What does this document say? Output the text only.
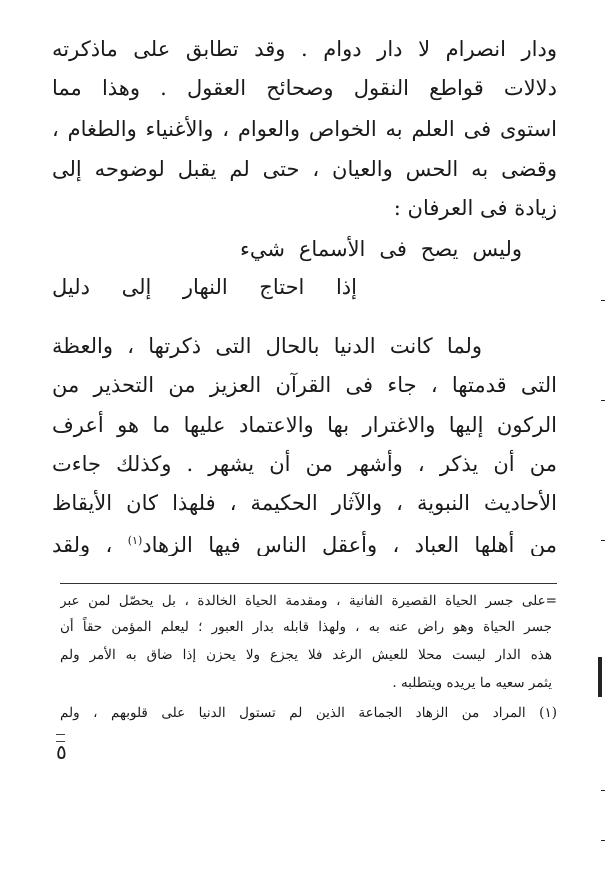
ودار انصرام لا دار دوام . وقد تطابق على ماذكرته
دلالات قواطع النقول وصحائح العقول . وهذا مما
استوى فى العلم به الخواص والعوام ، والأغنياء والطغام ،
وقضى به الحس والعيان ، حتى لم يقبل لوضوحه إلى
زيادة فى العرفان :
وليس يصح فى الأسماع شيء
إذا احتاج النهار إلى دليل
ولما كانت الدنيا بالحال التى ذكرتها ، والعظة
التى قدمتها ، جاء فى القرآن العزيز من التحذير من
الركون إليها والاغترار بها والاعتماد عليها ما هو أعرف
من أن يذكر ، وأشهر من أن يشهر . وكذلك جاءت
الأحاديث النبوية ، والآثار الحكيمة ، فلهذا كان الأيقاظ
من أهلها العباد ، وأعقل الناس فيها الزهاد$^{(١)}$ ، ولقد
=على جسر الحياة القصيرة الفانية ، ومقدمة الحياة الخالدة ، بل يحصّل لمن عبر
جسر الحياة وهو راض عنه به ، ولهذا قابله بدار العبور ؛ ليعلم المؤمن حقاً أن
هذه الدار ليست محلا للعيش الرغد فلا يجزع ولا يحزن إذا ضاق به الأمر ولم
يثمر سعيه ما يريده ويتطلبه .
(١) المراد من الزهاد الجماعة الذين لم تستول الدنيا على قلوبهم ، ولم
٥
